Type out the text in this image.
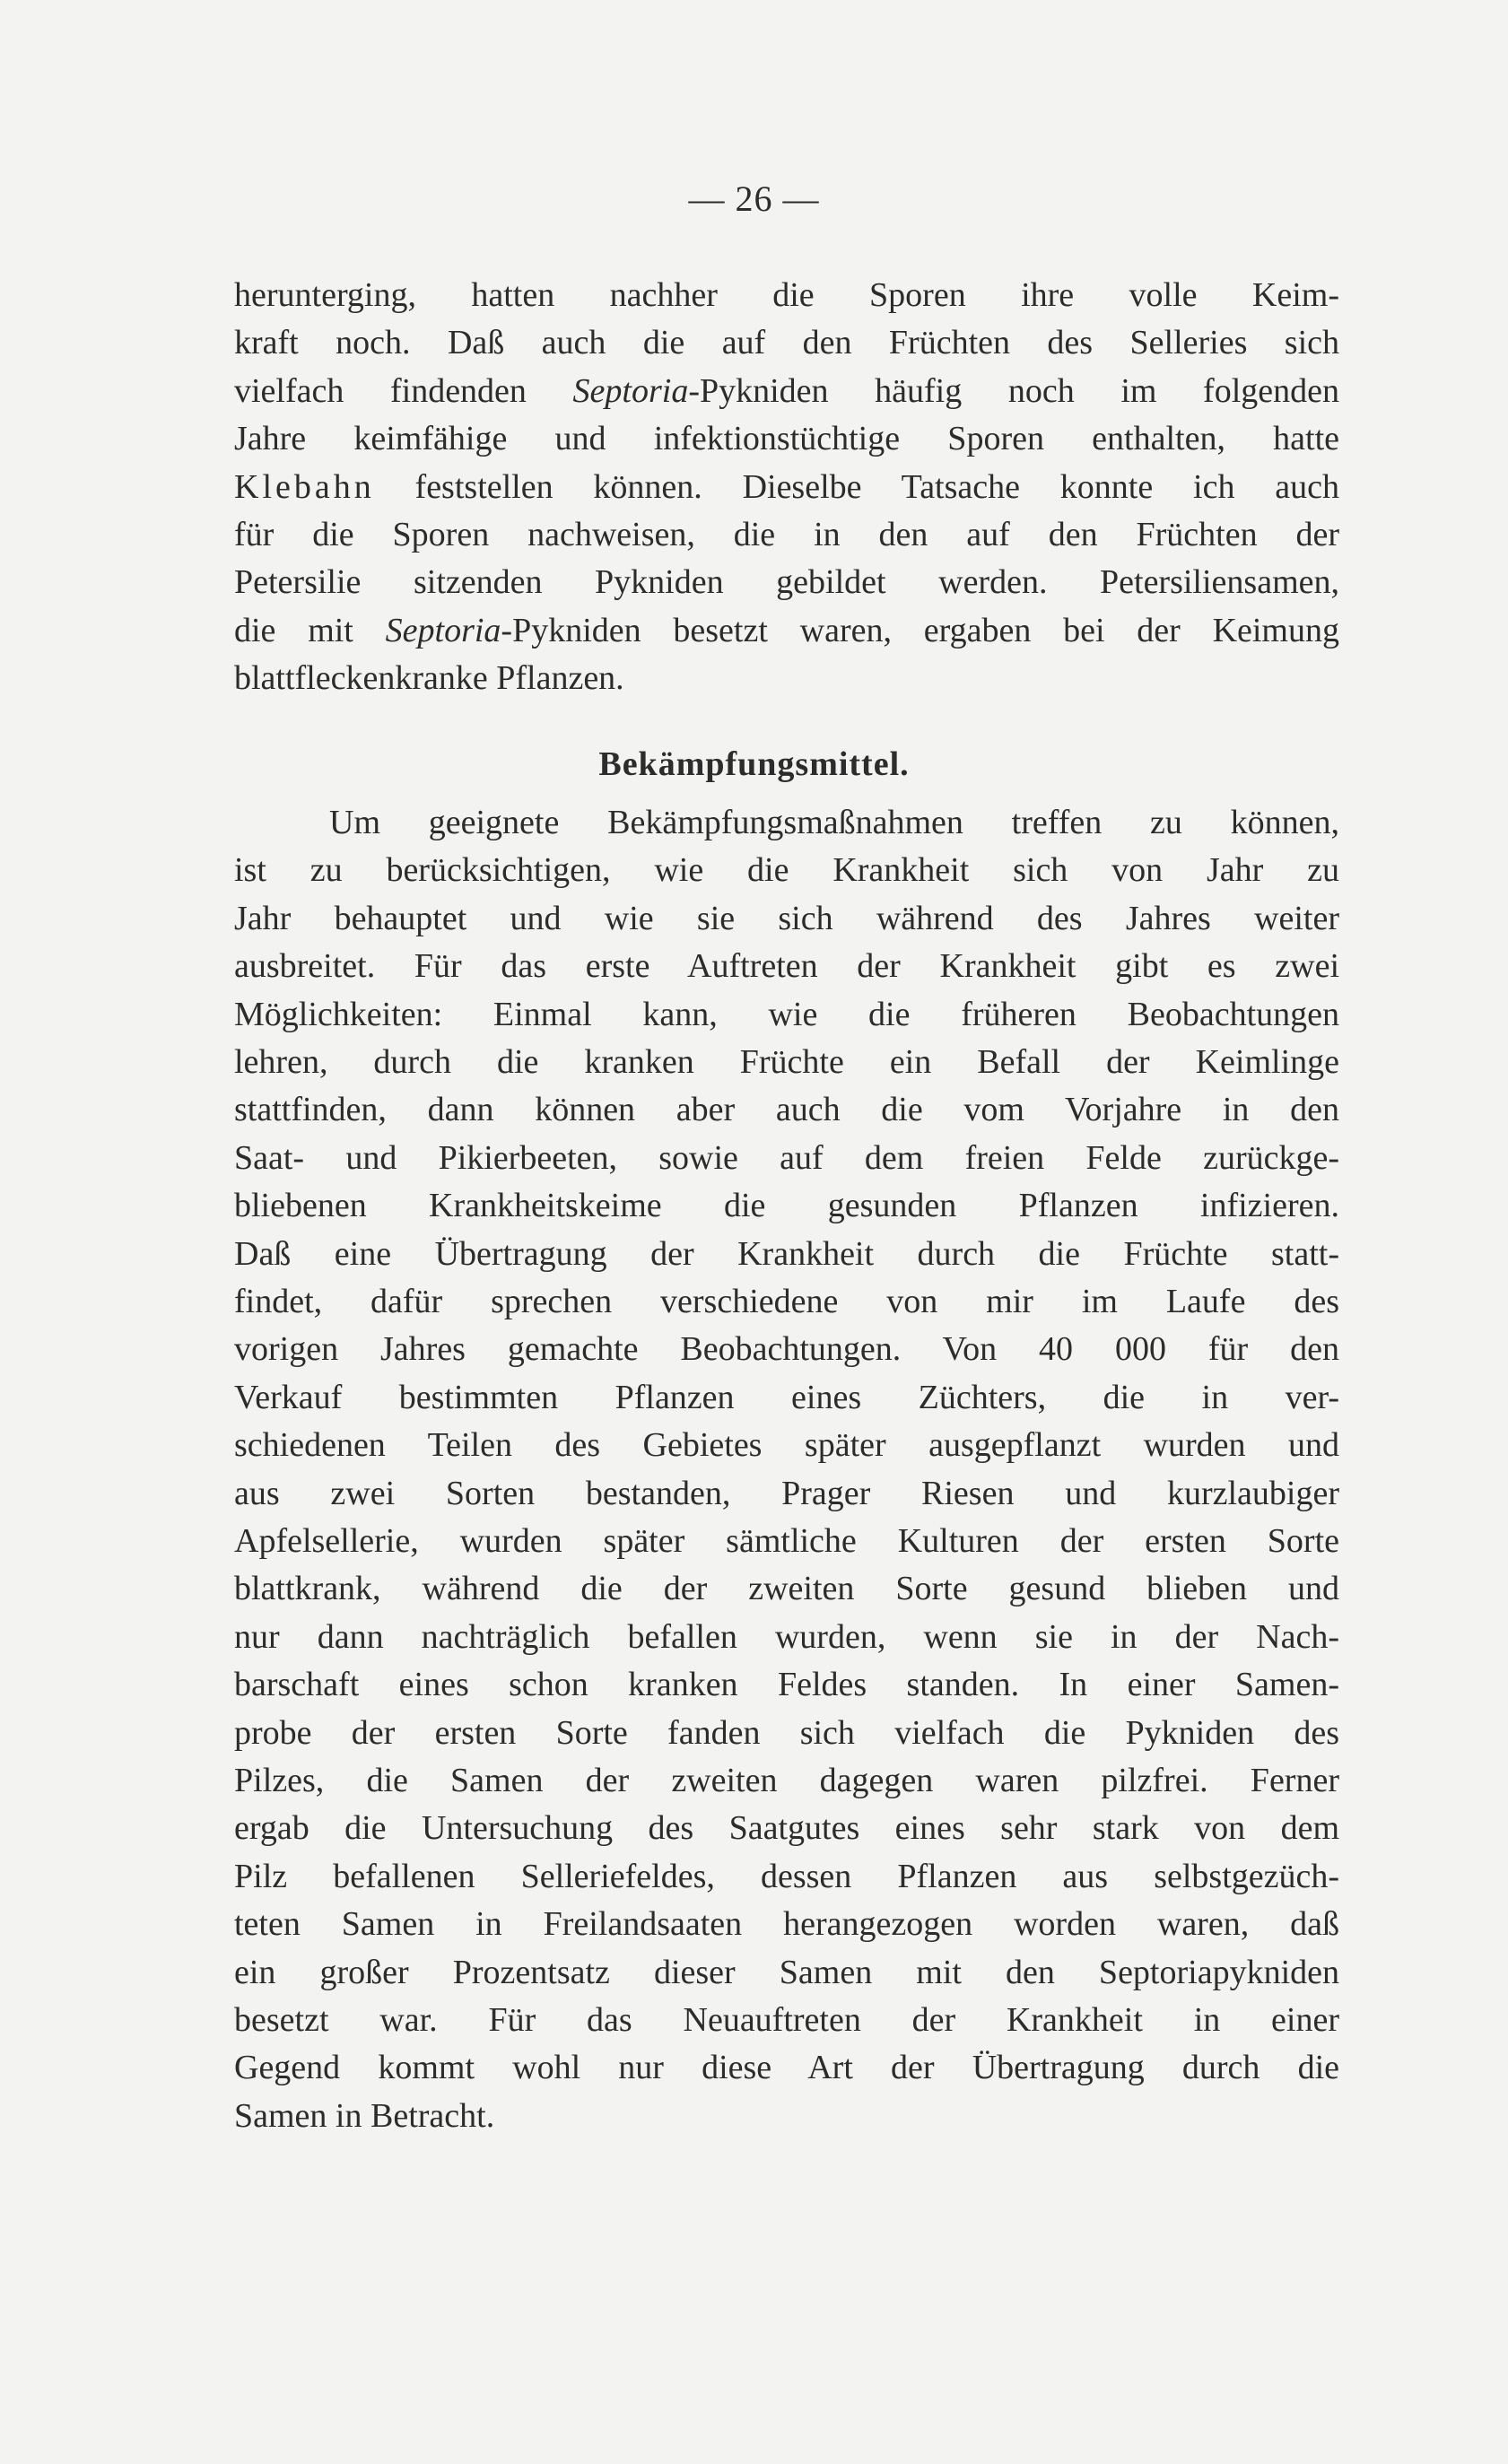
— 26 —
herunterging, hatten nachher die Sporen ihre volle Keim-
kraft noch. Daß auch die auf den Früchten des Selleries sich
vielfach findenden Septoria-Pykniden häufig noch im folgenden
Jahre keimfähige und infektionstüchtige Sporen enthalten, hatte
Klebahn feststellen können. Dieselbe Tatsache konnte ich auch
für die Sporen nachweisen, die in den auf den Früchten der
Petersilie sitzenden Pykniden gebildet werden. Petersiliensamen,
die mit Septoria-Pykniden besetzt waren, ergaben bei der Keimung
blattfleckenkranke Pflanzen.
Bekämpfungsmittel.
Um geeignete Bekämpfungsmaßnahmen treffen zu können,
ist zu berücksichtigen, wie die Krankheit sich von Jahr zu
Jahr behauptet und wie sie sich während des Jahres weiter
ausbreitet. Für das erste Auftreten der Krankheit gibt es zwei
Möglichkeiten: Einmal kann, wie die früheren Beobachtungen
lehren, durch die kranken Früchte ein Befall der Keimlinge
stattfinden, dann können aber auch die vom Vorjahre in den
Saat- und Pikierbeeten, sowie auf dem freien Felde zurückge-
bliebenen Krankheitskeime die gesunden Pflanzen infizieren.
Daß eine Übertragung der Krankheit durch die Früchte statt-
findet, dafür sprechen verschiedene von mir im Laufe des
vorigen Jahres gemachte Beobachtungen. Von 40 000 für den
Verkauf bestimmten Pflanzen eines Züchters, die in ver-
schiedenen Teilen des Gebietes später ausgepflanzt wurden und
aus zwei Sorten bestanden, Prager Riesen und kurzlaubiger
Apfelsellerie, wurden später sämtliche Kulturen der ersten Sorte
blattkrank, während die der zweiten Sorte gesund blieben und
nur dann nachträglich befallen wurden, wenn sie in der Nach-
barschaft eines schon kranken Feldes standen. In einer Samen-
probe der ersten Sorte fanden sich vielfach die Pykniden des
Pilzes, die Samen der zweiten dagegen waren pilzfrei. Ferner
ergab die Untersuchung des Saatgutes eines sehr stark von dem
Pilz befallenen Selleriefeldes, dessen Pflanzen aus selbstgezüch-
teten Samen in Freilandsaaten herangezogen worden waren, daß
ein großer Prozentsatz dieser Samen mit den Septoriapykniden
besetzt war. Für das Neuauftreten der Krankheit in einer
Gegend kommt wohl nur diese Art der Übertragung durch die
Samen in Betracht.
